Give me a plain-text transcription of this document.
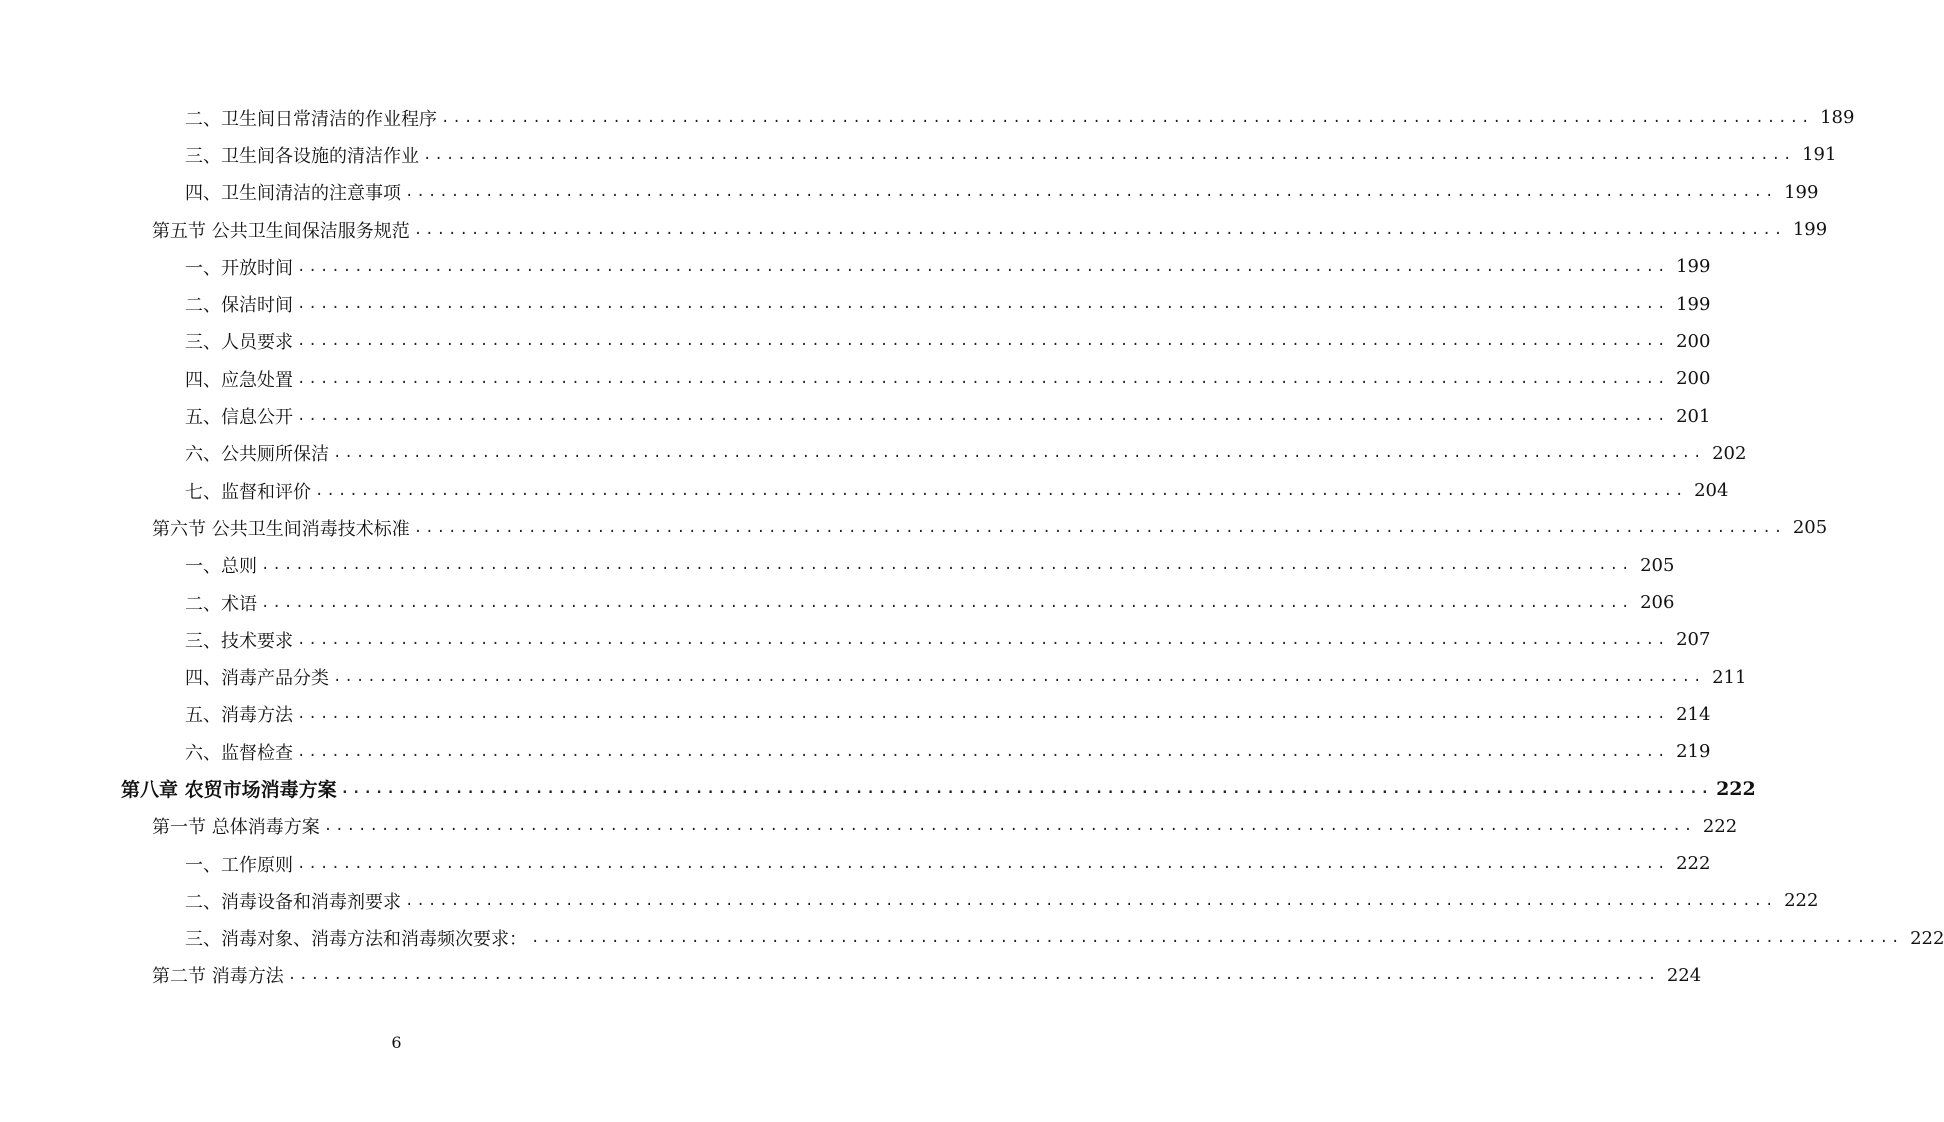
二、卫生间日常清洁的作业程序 ........................................................................................................................ 189
三、卫生间各设施的清洁作业 ........................................................................................................................ 191
四、卫生间清洁的注意事项 ........................................................................................................................ 199
第五节 公共卫生间保洁服务规范 ........................................................................................................................ 199
一、开放时间 ........................................................................................................................ 199
二、保洁时间 ........................................................................................................................ 199
三、人员要求 ........................................................................................................................ 200
四、应急处置 ........................................................................................................................ 200
五、信息公开 ........................................................................................................................ 201
六、公共厕所保洁 ........................................................................................................................ 202
七、监督和评价 ........................................................................................................................ 204
第六节 公共卫生间消毒技术标准 ........................................................................................................................ 205
一、总则 ........................................................................................................................ 205
二、术语 ........................................................................................................................ 206
三、技术要求 ........................................................................................................................ 207
四、消毒产品分类 ........................................................................................................................ 211
五、消毒方法 ........................................................................................................................ 214
六、监督检查 ........................................................................................................................ 219
第八章 农贸市场消毒方案 ........................................................................................................................ 222
第一节 总体消毒方案 ........................................................................................................................ 222
一、工作原则 ........................................................................................................................ 222
二、消毒设备和消毒剂要求 ........................................................................................................................ 222
三、消毒对象、消毒方法和消毒频次要求： ........................................................................................................................ 222
第二节 消毒方法 ........................................................................................................................ 224
6
